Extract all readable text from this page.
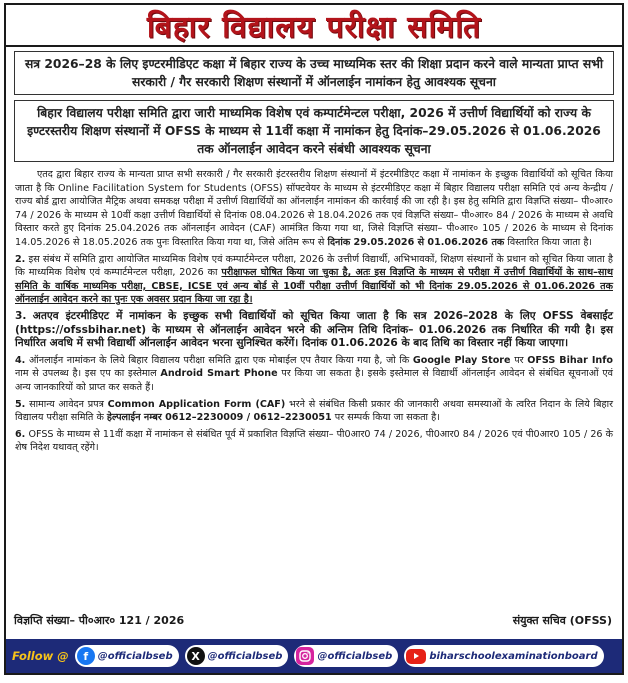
बिहार विद्यालय परीक्षा समिति
सत्र 2026–28 के लिए इण्टरमीडिएट कक्षा में बिहार राज्य के उच्च माध्यमिक स्तर की शिक्षा प्रदान करने वाले मान्यता प्राप्त सभी सरकारी / गैर सरकारी शिक्षण संस्थानों में ऑनलाईन नामांकन हेतु आवश्यक सूचना
बिहार विद्यालय परीक्षा समिति द्वारा जारी माध्यमिक विशेष एवं कम्पार्टमेन्टल परीक्षा, 2026 में उत्तीर्ण विद्यार्थियों को राज्य के इण्टरस्तरीय शिक्षण संस्थानों में OFSS के माध्यम से 11वीं कक्षा में नामांकन हेतु दिनांक–29.05.2026 से 01.06.2026 तक ऑनलाईन आवेदन करने संबंधी आवश्यक सूचना

एतद द्वारा बिहार राज्य के मान्यता प्राप्त सभी सरकारी / गैर सरकारी इंटरस्तरीय शिक्षण संस्थानों में इंटरमीडिएट कक्षा में नामांकन के इच्छुक विद्यार्थियों को सूचित किया जाता है कि Online Facilitation System for Students (OFSS) सॉफ्टवेयर के माध्यम से इंटरमीडिएट कक्षा में बिहार विद्यालय परीक्षा समिति एवं अन्य केन्द्रीय / राज्य बोर्ड द्वारा आयोजित मैट्रिक अथवा समकक्ष परीक्षा में उत्तीर्ण विद्यार्थियों का ऑनलाईन नामांकन की कार्रवाई की जा रही है। इस हेतु समिति द्वारा विज्ञप्ति संख्या– पी०आर० 74 / 2026 के माध्यम से 10वीं कक्षा उत्तीर्ण विद्यार्थियों से दिनांक 08.04.2026 से 18.04.2026 तक एवं विज्ञप्ति संख्या– पी०आर० 84 / 2026 के माध्यम से अवधि विस्तार करते हुए दिनांक 25.04.2026 तक ऑनलाईन आवेदन (CAF) आमंत्रित किया गया था, जिसे विज्ञप्ति संख्या– पी०आर० 105 / 2026 के माध्यम से दिनांक 14.05.2026 से 18.05.2026 तक पुनः विस्तारित किया गया था, जिसे अंतिम रूप से दिनांक 29.05.2026 से 01.06.2026 तक विस्तारित किया जाता है।

2. इस संबंध में समिति द्वारा आयोजित माध्यमिक विशेष एवं कम्पार्टमेन्टल परीक्षा, 2026 के उत्तीर्ण विद्यार्थी, अभिभावकों, शिक्षण संस्थानों के प्रधान को सूचित किया जाता है कि माध्यमिक विशेष एवं कम्पार्टमेन्टल परीक्षा, 2026 का परीक्षाफल घोषित किया जा चुका है, अतः इस विज्ञप्ति के माध्यम से परीक्षा में उत्तीर्ण विद्यार्थियों के साथ–साथ समिति के वार्षिक माध्यमिक परीक्षा, CBSE, ICSE एवं अन्य बोर्ड से 10वीं परीक्षा उत्तीर्ण विद्यार्थियों को भी दिनांक 29.05.2026 से 01.06.2026 तक ऑनलाईन आवेदन करने का पुनः एक अवसर प्रदान किया जा रहा है।

3. अतएव इंटरमीडिएट में नामांकन के इच्छुक सभी विद्यार्थियों को सूचित किया जाता है कि सत्र 2026–2028 के लिए OFSS वेबसाईट (https://ofssbihar.net) के माध्यम से ऑनलाईन आवेदन भरने की अन्तिम तिथि दिनांक– 01.06.2026 तक निर्धारित की गयी है। इस निर्धारित अवधि में सभी विद्यार्थी ऑनलाईन आवेदन भरना सुनिश्चित करेंगें। दिनांक 01.06.2026 के बाद तिथि का विस्तार नहीं किया जाएगा।

4. ऑनलाईन नामांकन के लिये बिहार विद्यालय परीक्षा समिति द्वारा एक मोबाईल एप तैयार किया गया है, जो कि Google Play Store पर OFSS Bihar Info नाम से उपलब्ध है। इस एप का इस्तेमाल Android Smart Phone पर किया जा सकता है। इसके इस्तेमाल से विद्यार्थी ऑनलाईन आवेदन से संबंधित सूचनाओं एवं अन्य जानकारियों को प्राप्त कर सकते हैं।

5. सामान्य आवेदन प्रपत्र Common Application Form (CAF) भरने से संबंधित किसी प्रकार की जानकारी अथवा समस्याओं के त्वरित निदान के लिये बिहार विद्यालय परीक्षा समिति के हेल्पलाईन नम्बर 0612–2230009 / 0612–2230051 पर सम्पर्क किया जा सकता है।

6. OFSS के माध्यम से 11वीं कक्षा में नामांकन से संबंधित पूर्व में प्रकाशित विज्ञप्ति संख्या– पी0आर0 74 / 2026, पी0आर0 84 / 2026 एवं पी0आर0 105 / 26 के शेष निदेश यथावत् रहेंगे।

विज्ञप्ति संख्या– पी०आर० 121 / 2026	संयुक्त सचिव (OFSS)
Follow @	f @officialbseb	X @officialbseb	@officialbseb	biharschoolexaminationboard
